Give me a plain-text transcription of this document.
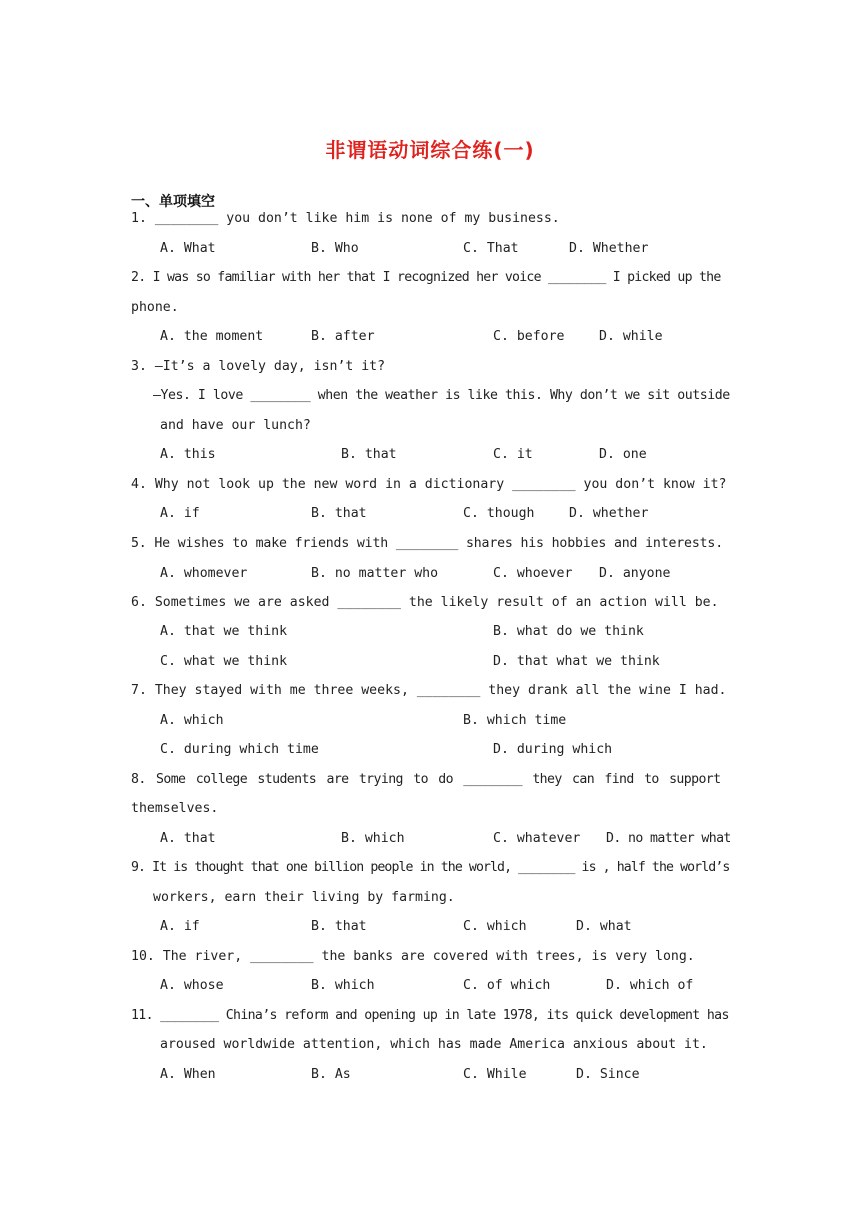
非谓语动词综合练(一)
一、单项填空
1. ________ you don’t like him is none of my business.
A. What	B. Who	C. That	D. Whether
2. I was so familiar with her that I recognized her voice ________ I picked up the
phone.
A. the moment	B. after	C. before	D. while
3. —It’s a lovely day, isn’t it?
—Yes. I love ________ when the weather is like this. Why don’t we sit outside
and have our lunch?
A. this	B. that	C. it	D. one
4. Why not look up the new word in a dictionary ________ you don’t know it?
A. if	B. that	C. though	D. whether
5. He wishes to make friends with ________ shares his hobbies and interests.
A. whomever	B. no matter who	C. whoever D. anyone
6. Sometimes we are asked ________ the likely result of an action will be.
A. that we think	B. what do we think
C. what we think	D. that what we think
7. They stayed with me three weeks, ________ they drank all the wine I had.
A. which	B. which time
C. during which time	D. during which
8. Some college students are trying to do ________ they can find to support
themselves.
A. that	B. which	C. whatever D. no matter what
9. It is thought that one billion people in the world, ________ is , half the world’s
workers, earn their living by farming.
A. if	B. that	C. which	D. what
10. The river, ________ the banks are covered with trees, is very long.
A. whose	B. which	C. of which	D. which of
11. ________ China’s reform and opening up in late 1978, its quick development has
aroused worldwide attention, which has made America anxious about it.
A. When	B. As	C. While	D. Since
